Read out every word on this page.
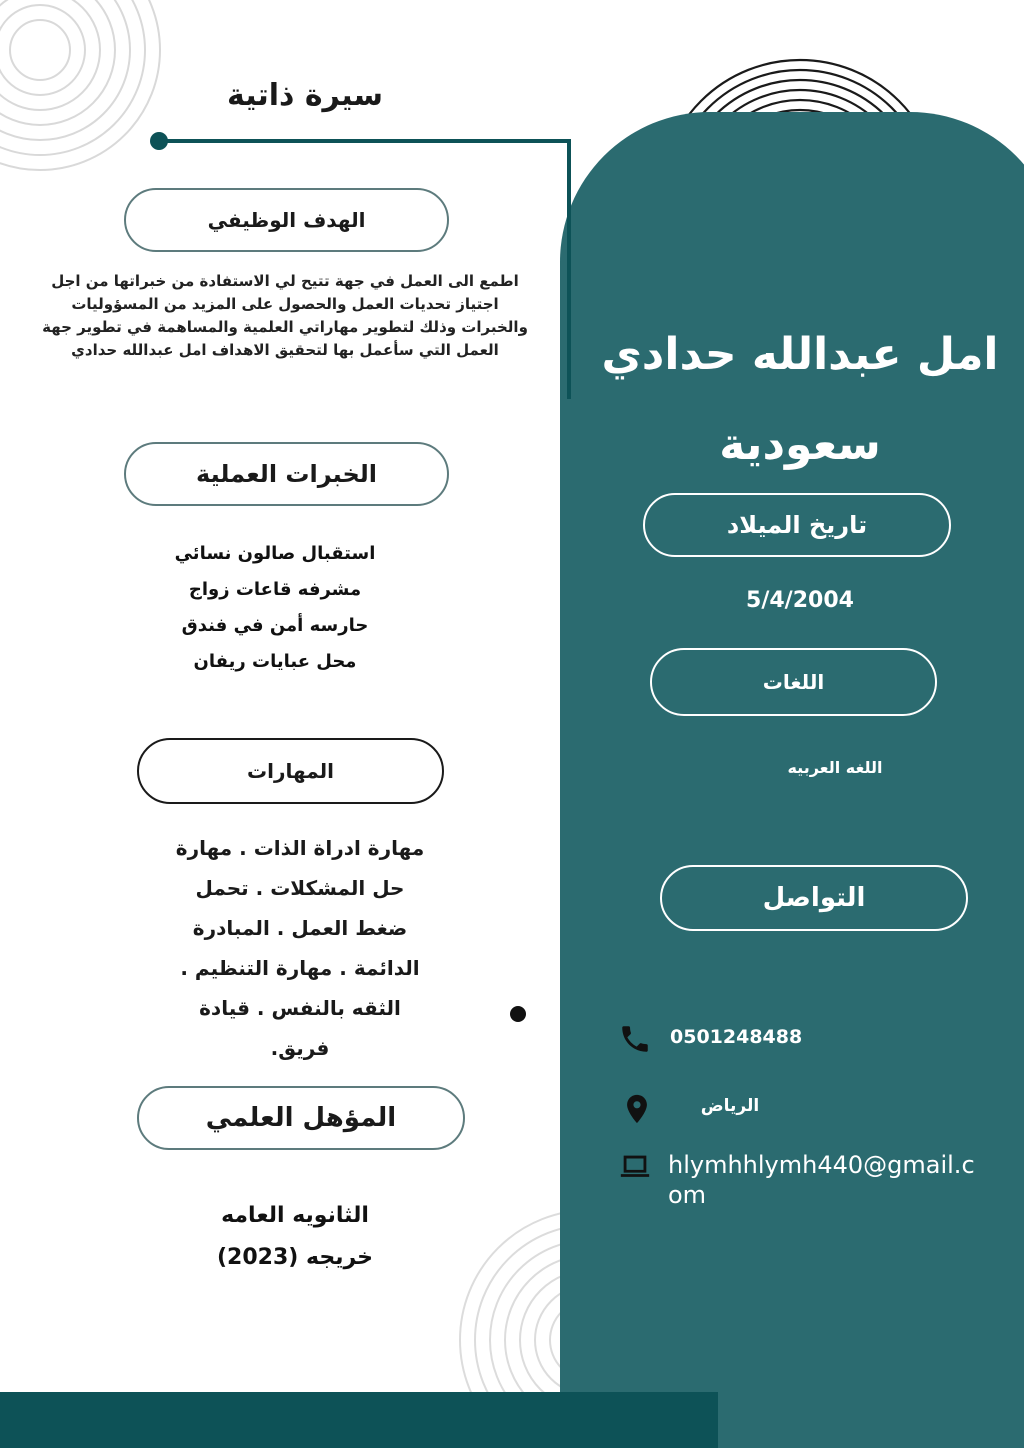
سيرة ذاتية
الهدف الوظيفي
اطمع الى العمل في جهة تتيح لي الاستفادة من خبراتها من اجل اجتياز تحديات العمل والحصول على المزيد من المسؤوليات والخبرات وذلك لتطوير مهاراتي العلمية والمساهمة في تطوير جهة العمل التي سأعمل بها لتحقيق الاهداف امل عبدالله حدادي
الخبرات العملية
استقبال صالون نسائي
مشرفه قاعات زواج
حارسه أمن في فندق
محل عبايات ريفان
المهارات
مهارة ادراة الذات . مهارة
حل المشكلات . تحمل
ضغط العمل . المبادرة
الدائمة . مهارة التنظيم .
الثقه بالنفس . قيادة
فريق.
المؤهل العلمي
الثانويه العامه
خريجه (2023)
امل عبدالله حدادي
سعودية
تاريخ الميلاد
5/4/2004
اللغات
اللغه العربيه
التواصل
0501248488
الرياض
hlymhhlymh440@gmail.c
om
